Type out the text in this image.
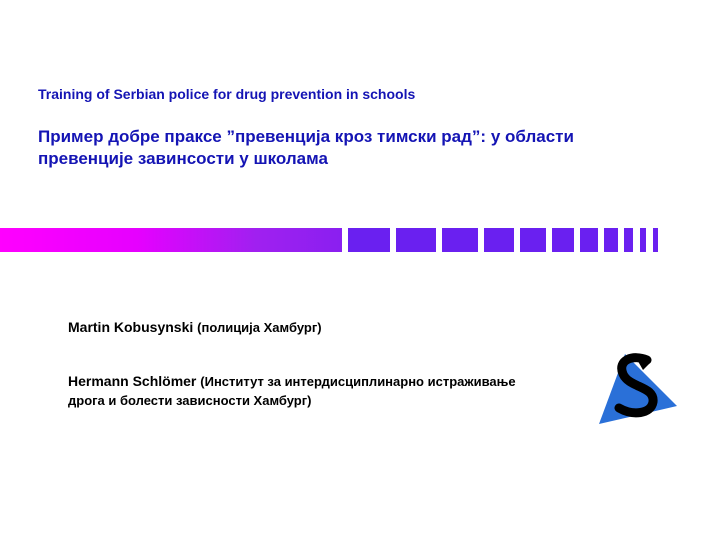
Training of Serbian police for drug prevention in schools
Пример добре праксе ”превенција кроз тимски рад”: у области превенције завинсости у школама
Martin Kobusynski (полиција Хамбург)
Hermann Schlömer (Институт за интердисциплинарно истраживање
дрога и болести зависности Хамбург)
